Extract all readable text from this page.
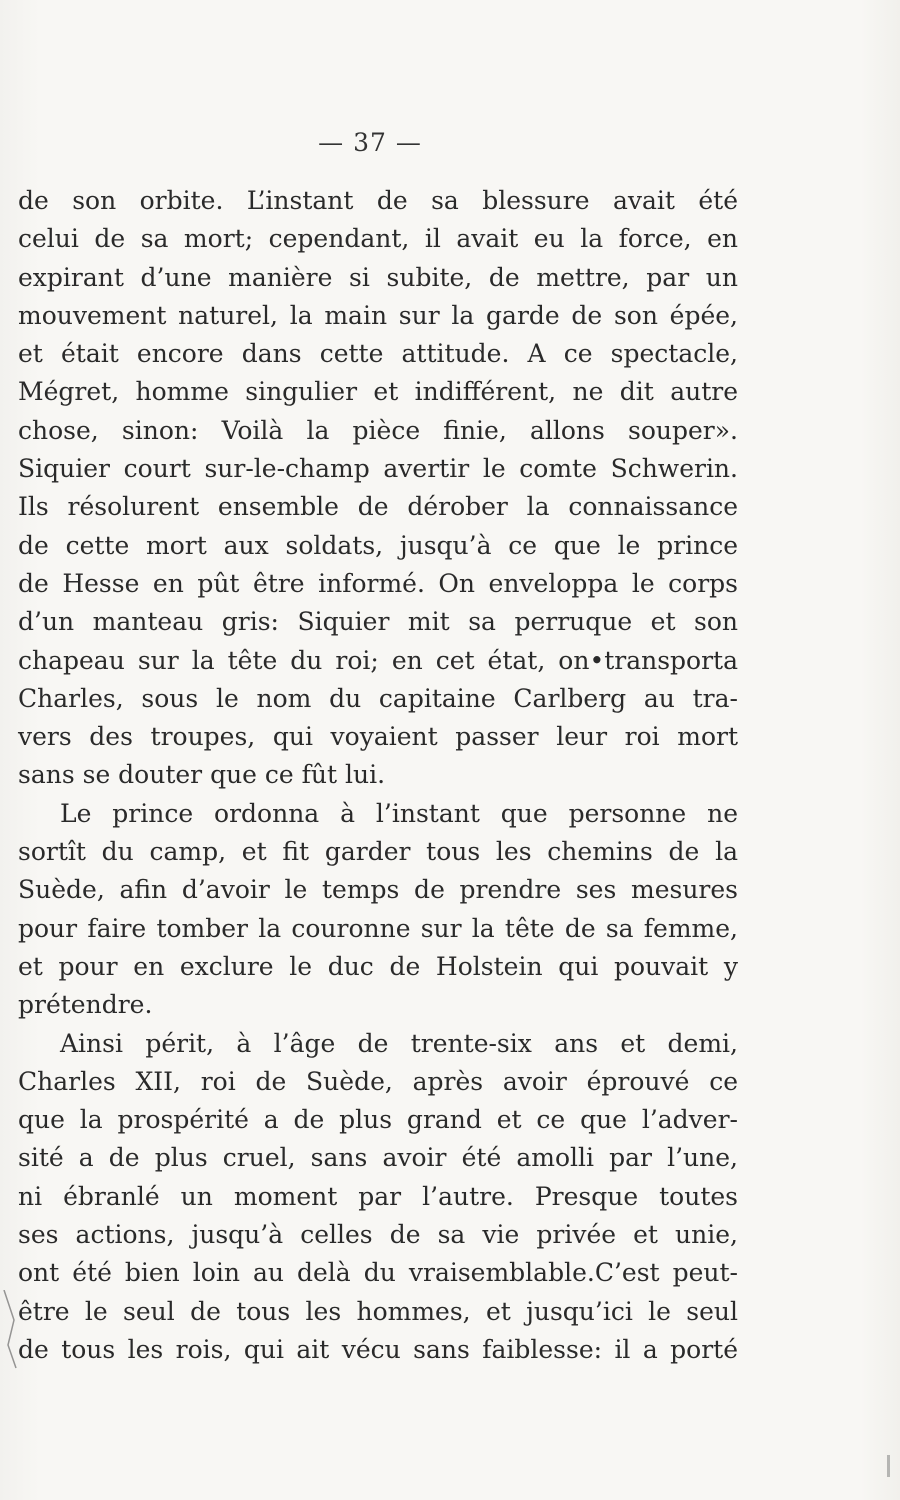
— 37 —
de son orbite. L’instant de sa blessure avait été
celui de sa mort; cependant, il avait eu la force, en
expirant d’une manière si subite, de mettre, par un
mouvement naturel, la main sur la garde de son épée,
et était encore dans cette attitude. A ce spectacle,
Mégret, homme singulier et indifférent, ne dit autre
chose, sinon: Voilà la pièce finie, allons souper».
Siquier court sur-le-champ avertir le comte Schwerin.
Ils résolurent ensemble de dérober la connaissance
de cette mort aux soldats, jusqu’à ce que le prince
de Hesse en pût être informé. On enveloppa le corps
d’un manteau gris: Siquier mit sa perruque et son
chapeau sur la tête du roi; en cet état, on•transporta
Charles, sous le nom du capitaine Carlberg au tra-
vers des troupes, qui voyaient passer leur roi mort
sans se douter que ce fût lui.
Le prince ordonna à l’instant que personne ne
sortît du camp, et fit garder tous les chemins de la
Suède, afin d’avoir le temps de prendre ses mesures
pour faire tomber la couronne sur la tête de sa femme,
et pour en exclure le duc de Holstein qui pouvait y
prétendre.
Ainsi périt, à l’âge de trente-six ans et demi,
Charles XII, roi de Suède, après avoir éprouvé ce
que la prospérité a de plus grand et ce que l’adver-
sité a de plus cruel, sans avoir été amolli par l’une,
ni ébranlé un moment par l’autre. Presque toutes
ses actions, jusqu’à celles de sa vie privée et unie,
ont été bien loin au delà du vraisemblable.C’est peut-
être le seul de tous les hommes, et jusqu’ici le seul
de tous les rois, qui ait vécu sans faiblesse: il a porté
